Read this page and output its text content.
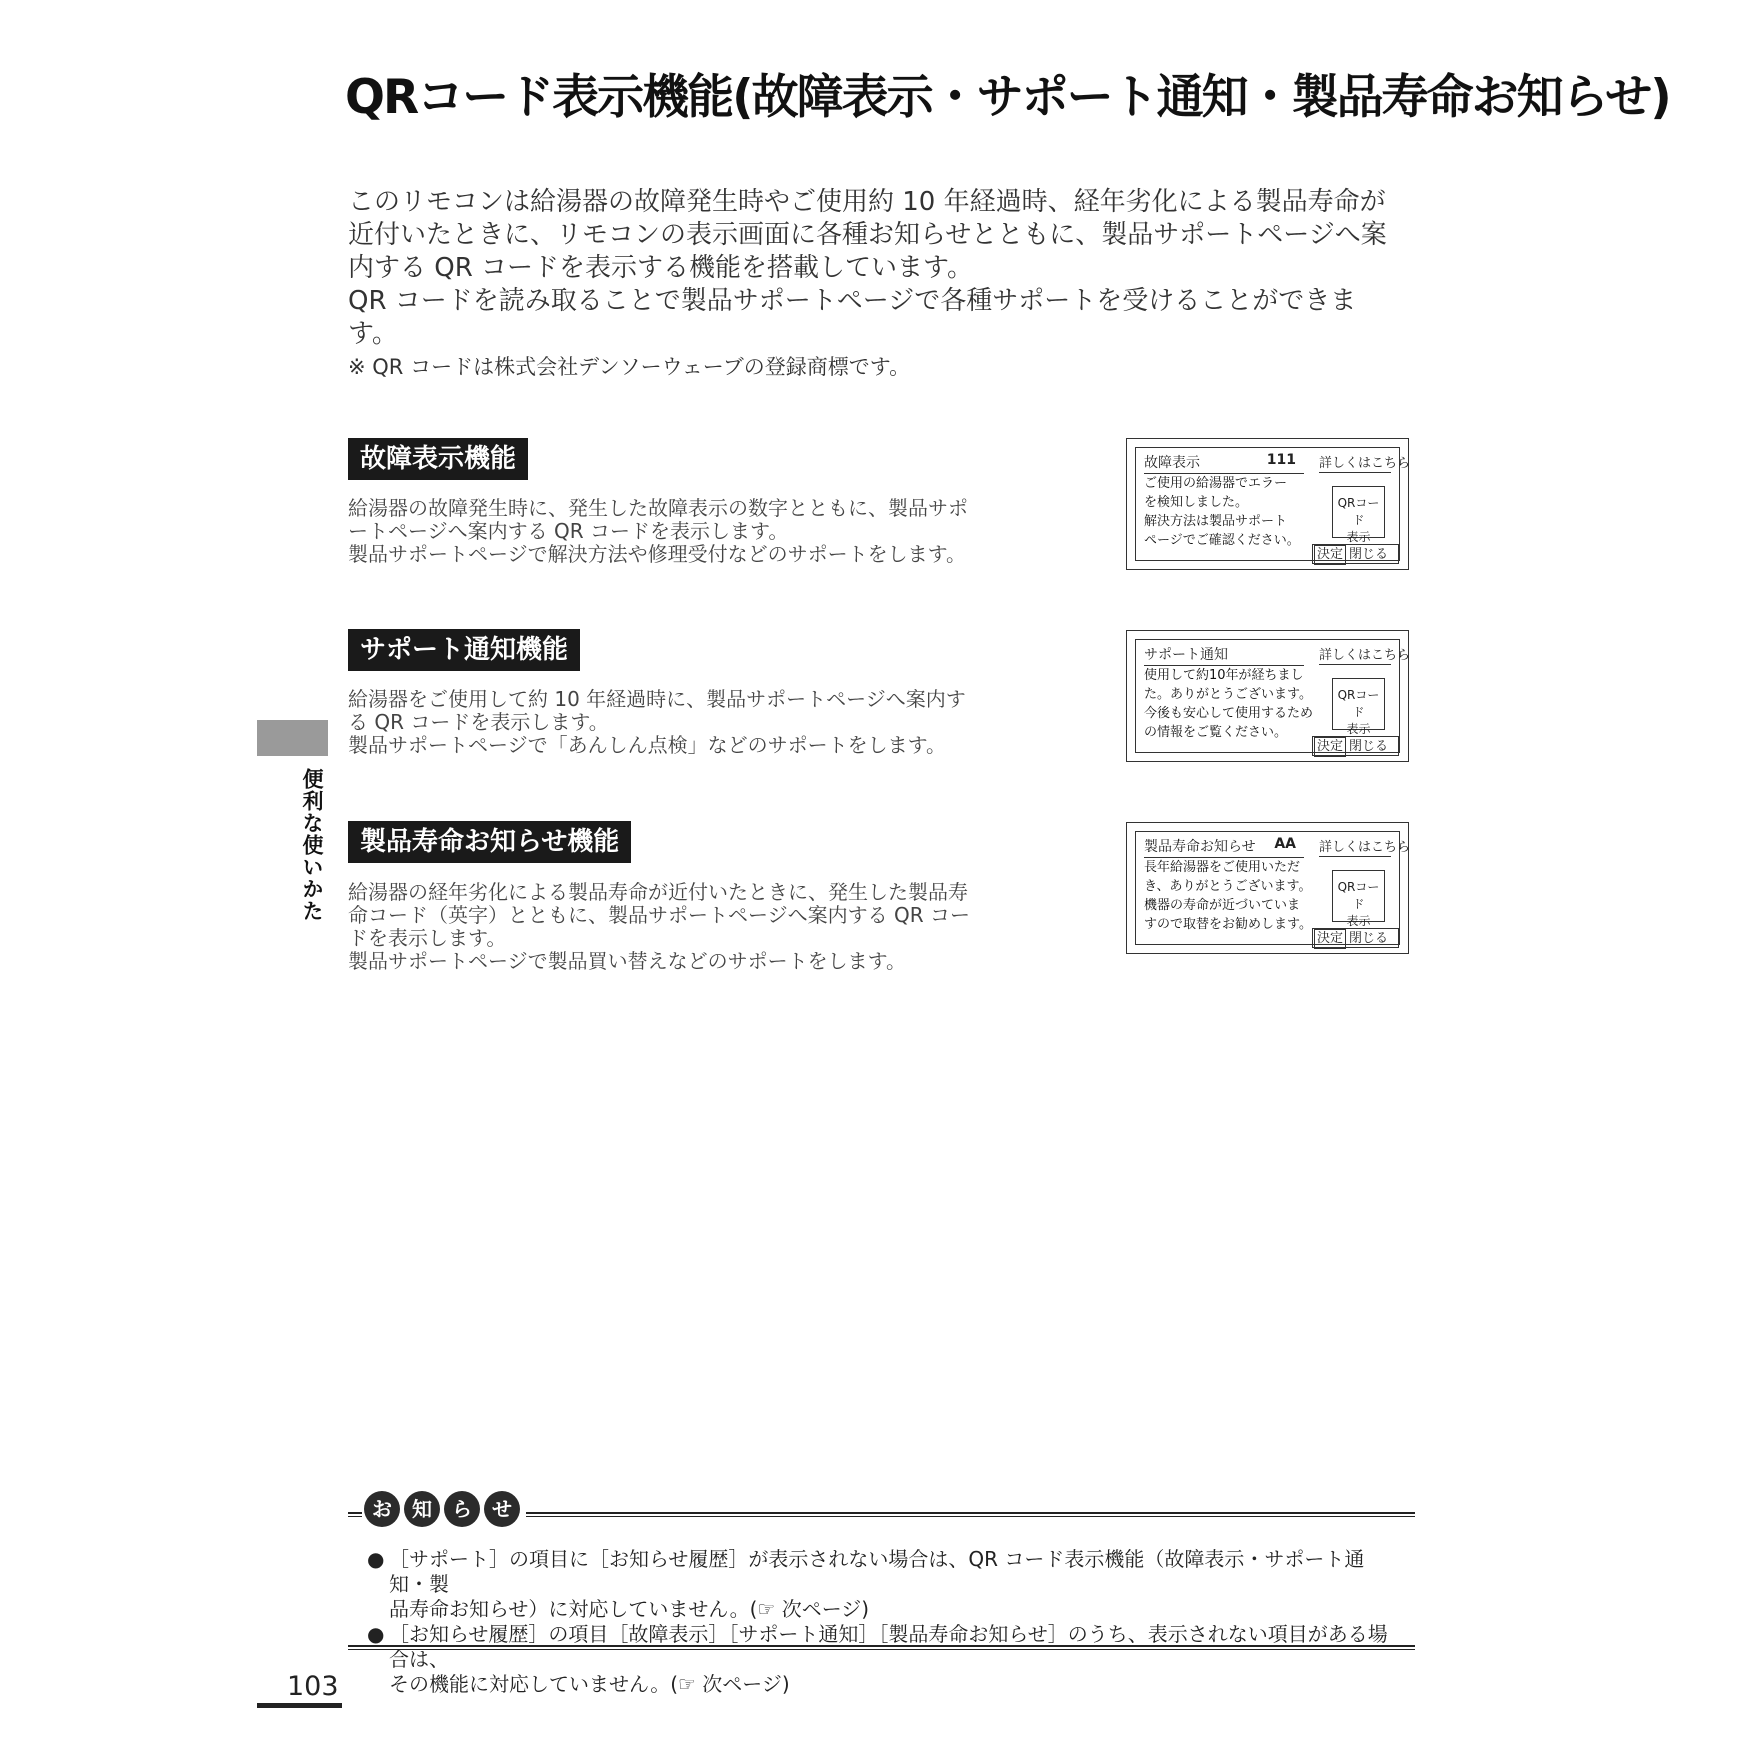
QRコード表示機能(故障表示・サポート通知・製品寿命お知らせ)

このリモコンは給湯器の故障発生時やご使用約 10 年経過時、経年劣化による製品寿命が

近付いたときに、リモコンの表示画面に各種お知らせとともに、製品サポートページへ案

内する QR コードを表示する機能を搭載しています。

QR コードを読み取ることで製品サポートページで各種サポートを受けることができま

す。

※ QR コードは株式会社デンソーウェーブの登録商標です。

故障表示機能

給湯器の故障発生時に、発生した故障表示の数字とともに、製品サポ

ートページへ案内する QR コードを表示します。

製品サポートページで解決方法や修理受付などのサポートをします。

故障表示	111 詳しくはこちら

ご使用の給湯器でエラー

を検知しました。

解決方法は製品サポート

ページでご確認ください。

QRコード
表示
決定 閉じる
サポート通知機能

給湯器をご使用して約 10 年経過時に、製品サポートページへ案内す

る QR コードを表示します。

製品サポートページで「あんしん点検」などのサポートをします。

サポート通知	詳しくはこちら

使用して約10年が経ちまし

た。ありがとうございます。

今後も安心して使用するため

の情報をご覧ください。

QRコード
表示
決定 閉じる
製品寿命お知らせ機能

給湯器の経年劣化による製品寿命が近付いたときに、発生した製品寿

命コード（英字）とともに、製品サポートページへ案内する QR コー

ドを表示します。

製品サポートページで製品買い替えなどのサポートをします。

製品寿命お知らせ AA 詳しくはこちら

長年給湯器をご使用いただ

き、ありがとうございます。

機器の寿命が近づいていま

すので取替をお勧めします。

QRコード
表示
決定 閉じる
便利な使いかた
お	知	ら	せ
● ［サポート］の項目に［お知らせ履歴］が表示されない場合は、QR コード表示機能（故障表示・サポート通知・製
品寿命お知らせ）に対応していません。(☞ 次ページ)
● ［お知らせ履歴］の項目［故障表示］［サポート通知］［製品寿命お知らせ］のうち、表示されない項目がある場合は、
その機能に対応していません。(☞ 次ページ)
103
